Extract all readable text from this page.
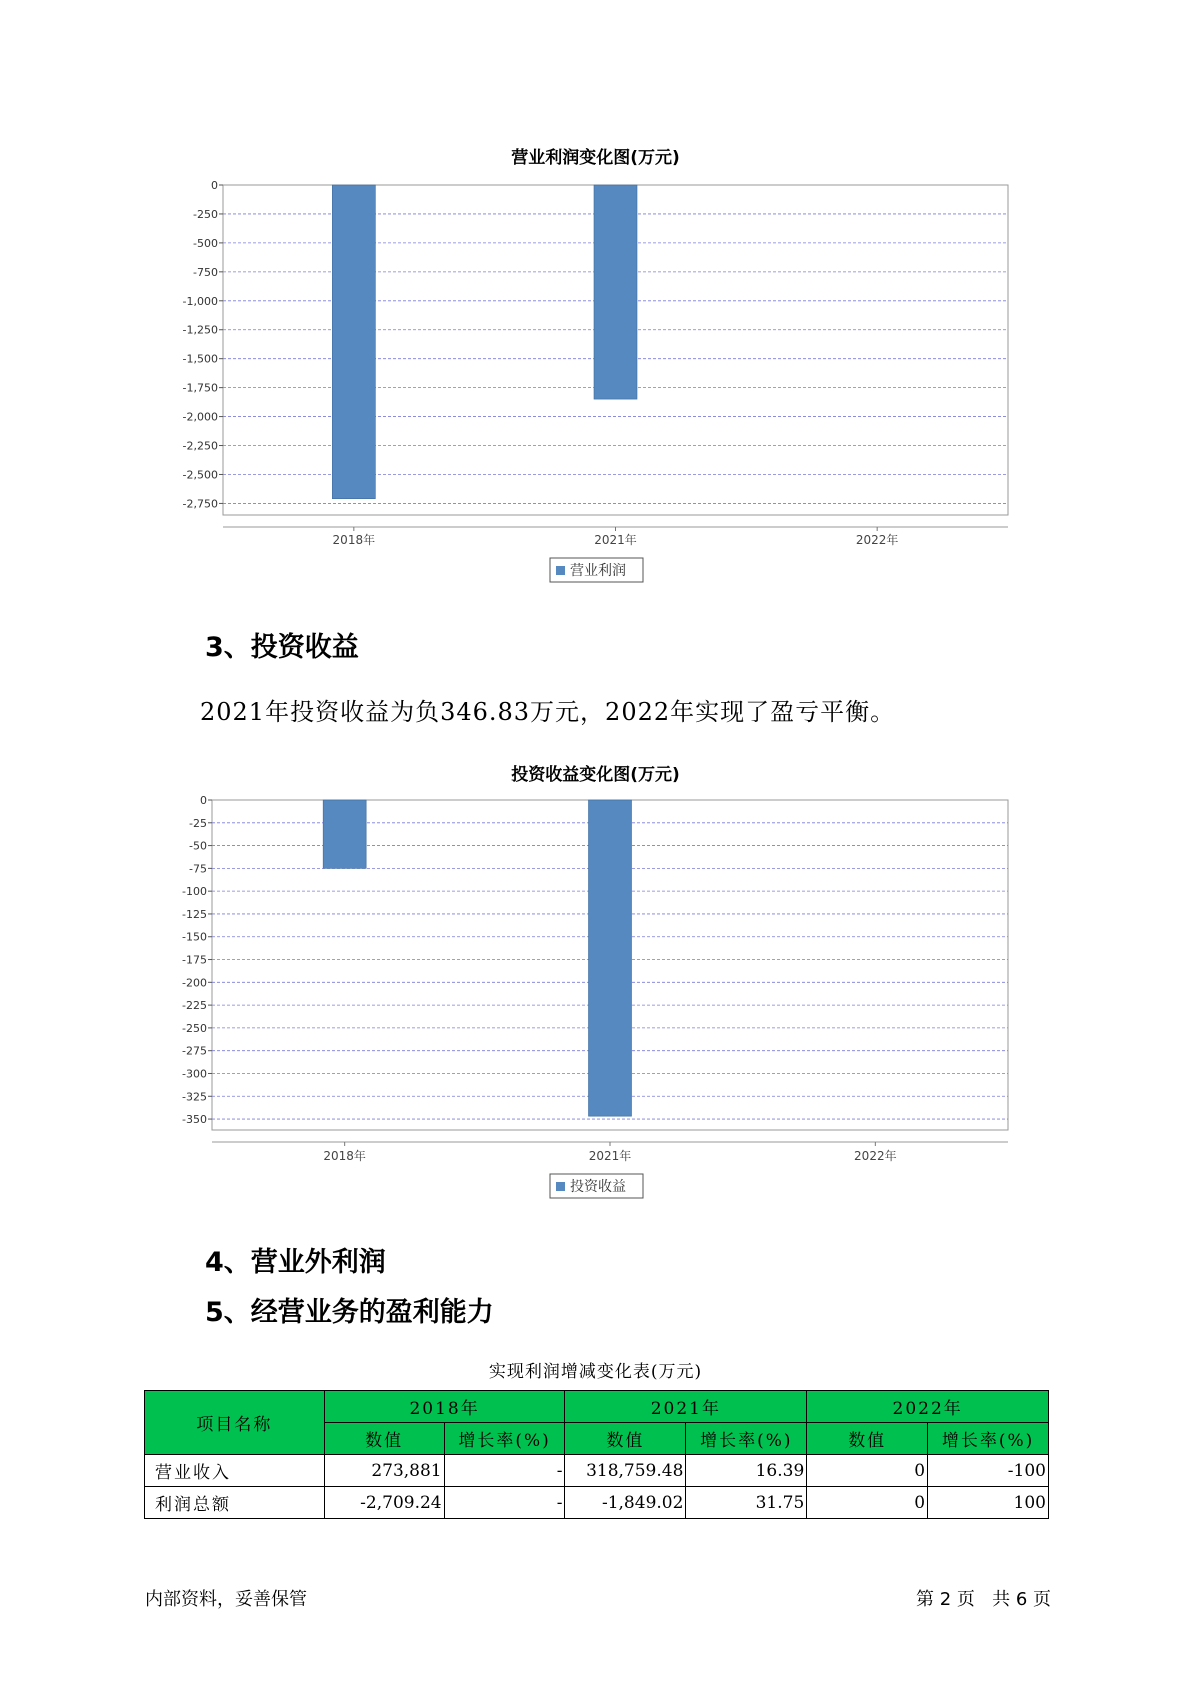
营业利润变化图(万元)
0
-250
-500
-750
-1,000
-1,250
-1,500
-1,750
-2,000
-2,250
-2,500
-2,750
2018年	2021年	2022年
营业利润
3、投资收益
2021年投资收益为负346.83万元，2022年实现了盈亏平衡。
投资收益变化图(万元)
0
-25
-50
-75
-100
-125
-150
-175
-200
-225
-250
-275
-300
-325
-350
2018年	2021年	2022年
投资收益
4、营业外利润
5、经营业务的盈利能力
实现利润增减变化表(万元)
项目名称	2018年		2021年		2022年	
	数值	增长率(%)	数值	增长率(%)	数值	增长率(%)
营业收入	273,881	-	318,759.48	16.39	0	-100
利润总额	-2,709.24	-	-1,849.02	31.75	0	100
内部资料，妥善保管	第 2 页   共 6 页
